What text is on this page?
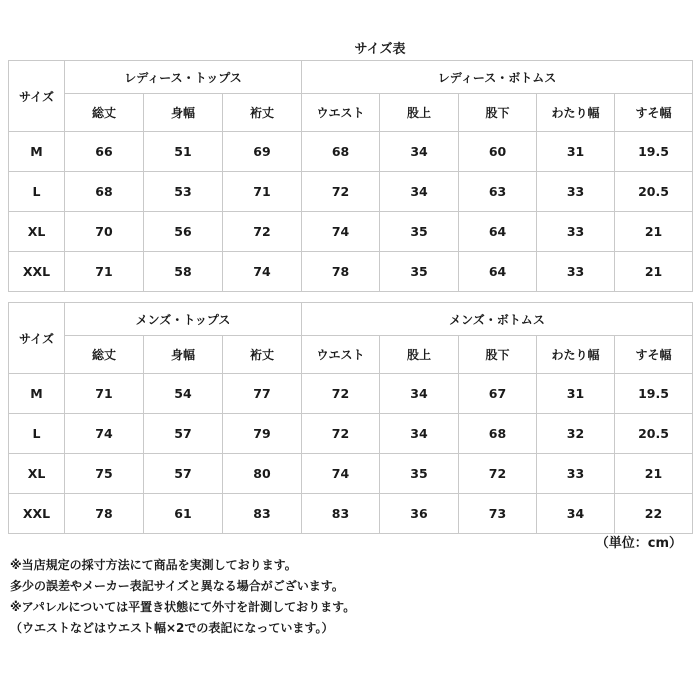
サイズ表
サイズ	レディース・トップス			レディース・ボトムス				
	総丈	身幅	裄丈	ウエスト	股上	股下	わたり幅	すそ幅
M	66	51	69	68	34	60	31	19.5
L	68	53	71	72	34	63	33	20.5
XL	70	56	72	74	35	64	33	21
XXL	71	58	74	78	35	64	33	21
サイズ	メンズ・トップス			メンズ・ボトムス				
	総丈	身幅	裄丈	ウエスト	股上	股下	わたり幅	すそ幅
M	71	54	77	72	34	67	31	19.5
L	74	57	79	72	34	68	32	20.5
XL	75	57	80	74	35	72	33	21
XXL	78	61	83	83	36	73	34	22
（単位：cm）
※当店規定の採寸方法にて商品を実測しております。
多少の誤差やメーカー表記サイズと異なる場合がございます。
※アパレルについては平置き状態にて外寸を計測しております。
（ウエストなどはウエスト幅×2での表記になっています。）
